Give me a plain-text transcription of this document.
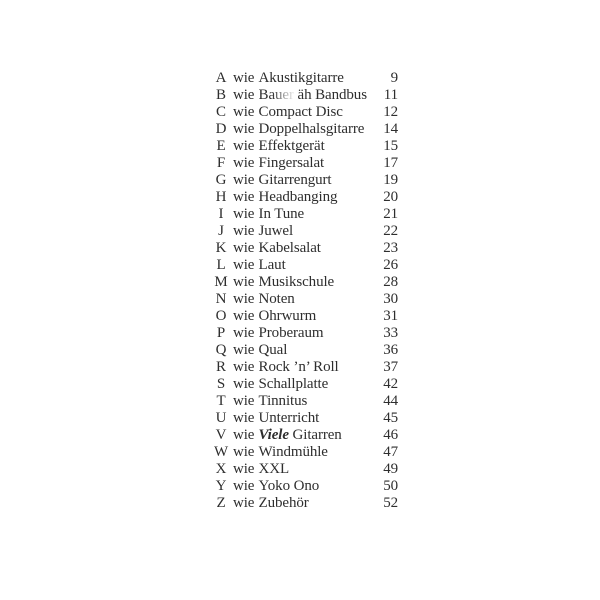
A wie Akustikgitarre	9
B wie Bauer äh Bandbus	11
C wie Compact Disc	12
D wie Doppelhalsgitarre	14
E wie Effektgerät	15
F wie Fingersalat	17
G wie Gitarrengurt	19
H wie Headbanging	20
I wie In Tune	21
J wie Juwel	22
K wie Kabelsalat	23
L wie Laut	26
M wie Musikschule	28
N wie Noten	30
O wie Ohrwurm	31
P wie Proberaum	33
Q wie Qual	36
R wie Rock ’n’ Roll	37
S wie Schallplatte	42
T wie Tinnitus	44
U wie Unterricht	45
V wie Viele Gitarren	46
W wie Windmühle	47
X wie XXL	49
Y wie Yoko Ono	50
Z wie Zubehör	52
